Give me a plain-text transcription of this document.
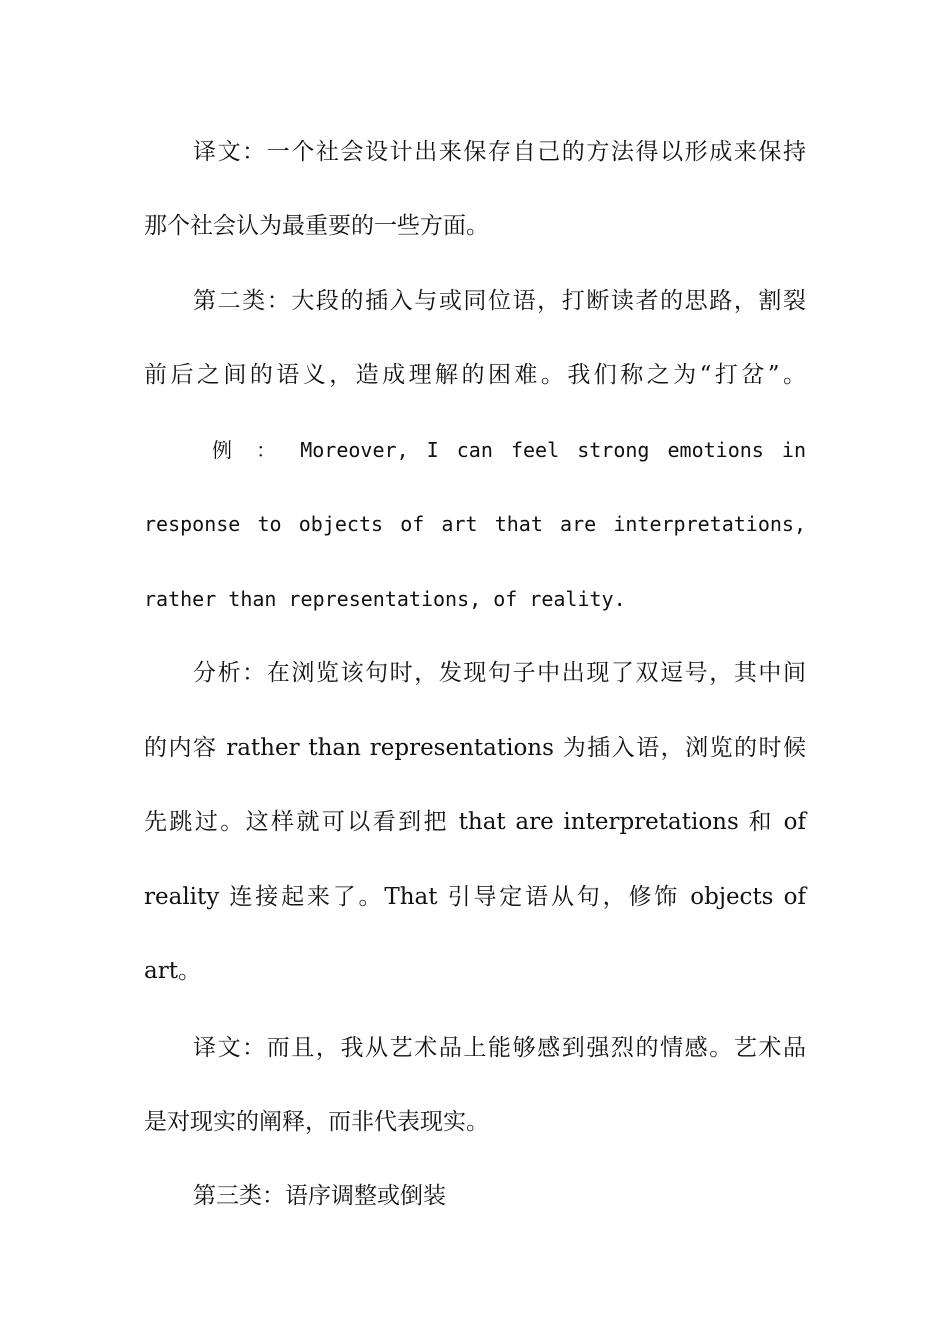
译文：一个社会设计出来保存自己的方法得以形成来保持
那个社会认为最重要的一些方面。
第二类：大段的插入与或同位语，打断读者的思路，割裂
前后之间的语义，造成理解的困难。我们称之为“打岔”。
例 ： Moreover, I can feel strong emotions in
response to objects of art that are interpretations,
rather than representations, of reality.
分析：在浏览该句时，发现句子中出现了双逗号，其中间
的内容 rather than representations 为插入语，浏览的时候
先跳过。这样就可以看到把 that are interpretations 和 of
reality 连接起来了。That 引导定语从句，修饰 objects of
art。
译文：而且，我从艺术品上能够感到强烈的情感。艺术品
是对现实的阐释，而非代表现实。
第三类：语序调整或倒装
